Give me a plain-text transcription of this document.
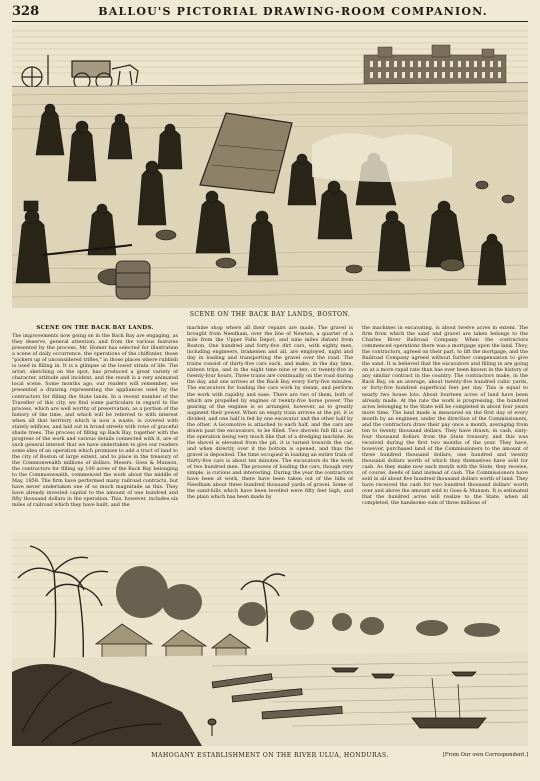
328	BALLOU'S PICTORIAL DRAWING-ROOM COMPANION.
SCENE ON THE BACK BAY LANDS, BOSTON.
SCENE ON THE BACK BAY LANDS.
The improvements now going on in the Back Bay are engaging, as they deserve, general attention, and from the various features presented by the process, Mr. Homer has selected for illustration a scene of daily occurrence, the operations of the chiffonier, those "pickers up of unconsidered trifles," in those places where rubbish is used in filling in. It is a glimpse at the lower strata of life. The artist, sketching on the spot, has produced a great variety of character, attitude and incident, and the result is a very animated local scene. Some months ago, our readers will remember, we presented a drawing representing the appliances used by the contractors for filling the State lands. In a recent number of the Traveller of this city, we find some particulars in regard to the process, which are well worthy of preservation, as a portion of the history of the time, and which will be referred to with interest when all that territory which is now a waste, is covered with stately edifices, and laid out in broad streets with rows of graceful shade trees. The process of filling up Back Bay, together with the progress of the work and various details connected with it, are of such general interest that we have undertaken to give our readers some idea of an operation which promises to add a tract of land to the city of Boston of large extent, and to place in the treasury of the Commonwealth millions of dollars. Messrs. Goss & Munson, the contractors for filling up 100 acres of the Back Bay belonging to the Commonwealth, commenced the work about the middle of May, 1858. The firm have performed many railroad contracts, but have never undertaken one of so much magnitude as this. They have already invested capital to the amount of one hundred and fifty thousand dollars in the operation. This, however, includes six miles of railroad which they have built, and the
machine shop where all their repairs are made. The gravel is brought from Needham, over the line of Newton, a quarter of a mile from the Upper Falls Depot, and nine miles distant from Boston. One hundred and forty-five dirt cars, with eighty men, including engineers, brakemen and all, are employed, night and day in loading and transporting the gravel over the road. The trains consist of thirty-five cars each, and make, in the day time, sixteen trips, and in the night time nine or ten, or twenty-five in twenty-four hours. Three trains are continually on the road during the day, and one arrives at the Back Bay every forty-five minutes. The excavators for loading the cars work by steam, and perform the work with rapidity and ease. There are two of them, both of which are propelled by engines of twenty-five horse power. The gearing of the engines is so arranged, however, as to greatly augment their power. When an empty train arrives at the pit, it is divided, and one half is fed by one excavator and the other half by the other. A locomotive is attached to each half, and the cars are drawn past the excavators, to be filled. Two shovels full fill a car, the operation being very much like that of a dredging machine. As the shovel is elevated from the pit, it is turned towards the car, and when directly over it the bottom is opened, and thus the gravel is deposited. The time occupied in loading an entire train of thirty-five cars is about ten minutes. The excavators do the work of two hundred men. The process of loading the cars, though very simple, is curious and interesting. During the year the contractors have been at work, there have been taken out of the hills of Needham about three hundred thousand yards of gravel. Some of the sand-hills which have been levelled were fifty feet high, and the plain which has been made by
the machines in excavating, is about twelve acres in extent. The firm from which the sand and gravel are taken belongs to the Charles River Railroad Company. When the contractors commenced operations there was a mortgage upon the land. They, the contractors, agreed on their part, to lift the mortgage, and the Railroad Company agreed without further compensation to give the sand. It is believed that the excavators and filling in are going on at a more rapid rate than has ever been known in the history of any similar contract in the country. The contractors make, in the Back Bay, on an average, about twenty-five hundred cubic yards, or forty-five hundred superficial feet per day. This is equal to nearly two house lots. About fourteen acres of land have been already made. At the rate the work is progressing, the hundred acres belonging to the State will be completed in about four years more time. The land made is measured on the first day of every month by an engineer, under the direction of the Commissioners, and the contractors draw their pay once a month, averaging from ten to twenty thousand dollars. They have drawn, in cash, sixty-four thousand dollars from the State treasury, and this was received during the first two months of the year. They have, however, purchased land of the Commissioners to the amount of three hundred thousand dollars, one hundred and twenty thousand dollars worth of which they themselves have sold for cash. As they make now each month with the State, they receive, of course, deeds of land instead of cash. The Commissioners have sold in all about five hundred thousand dollars worth of land. They have received the cash for two hundred thousand dollars' worth over and above the amount sold to Goss & Munson. It is estimated that the hundred acres will realize to the State, when all completed, the handsome sum of three millions of
MAHOGANY ESTABLISHMENT ON THE RIVER ULUA, HONDURAS.	[From Our own Correspondent.]
